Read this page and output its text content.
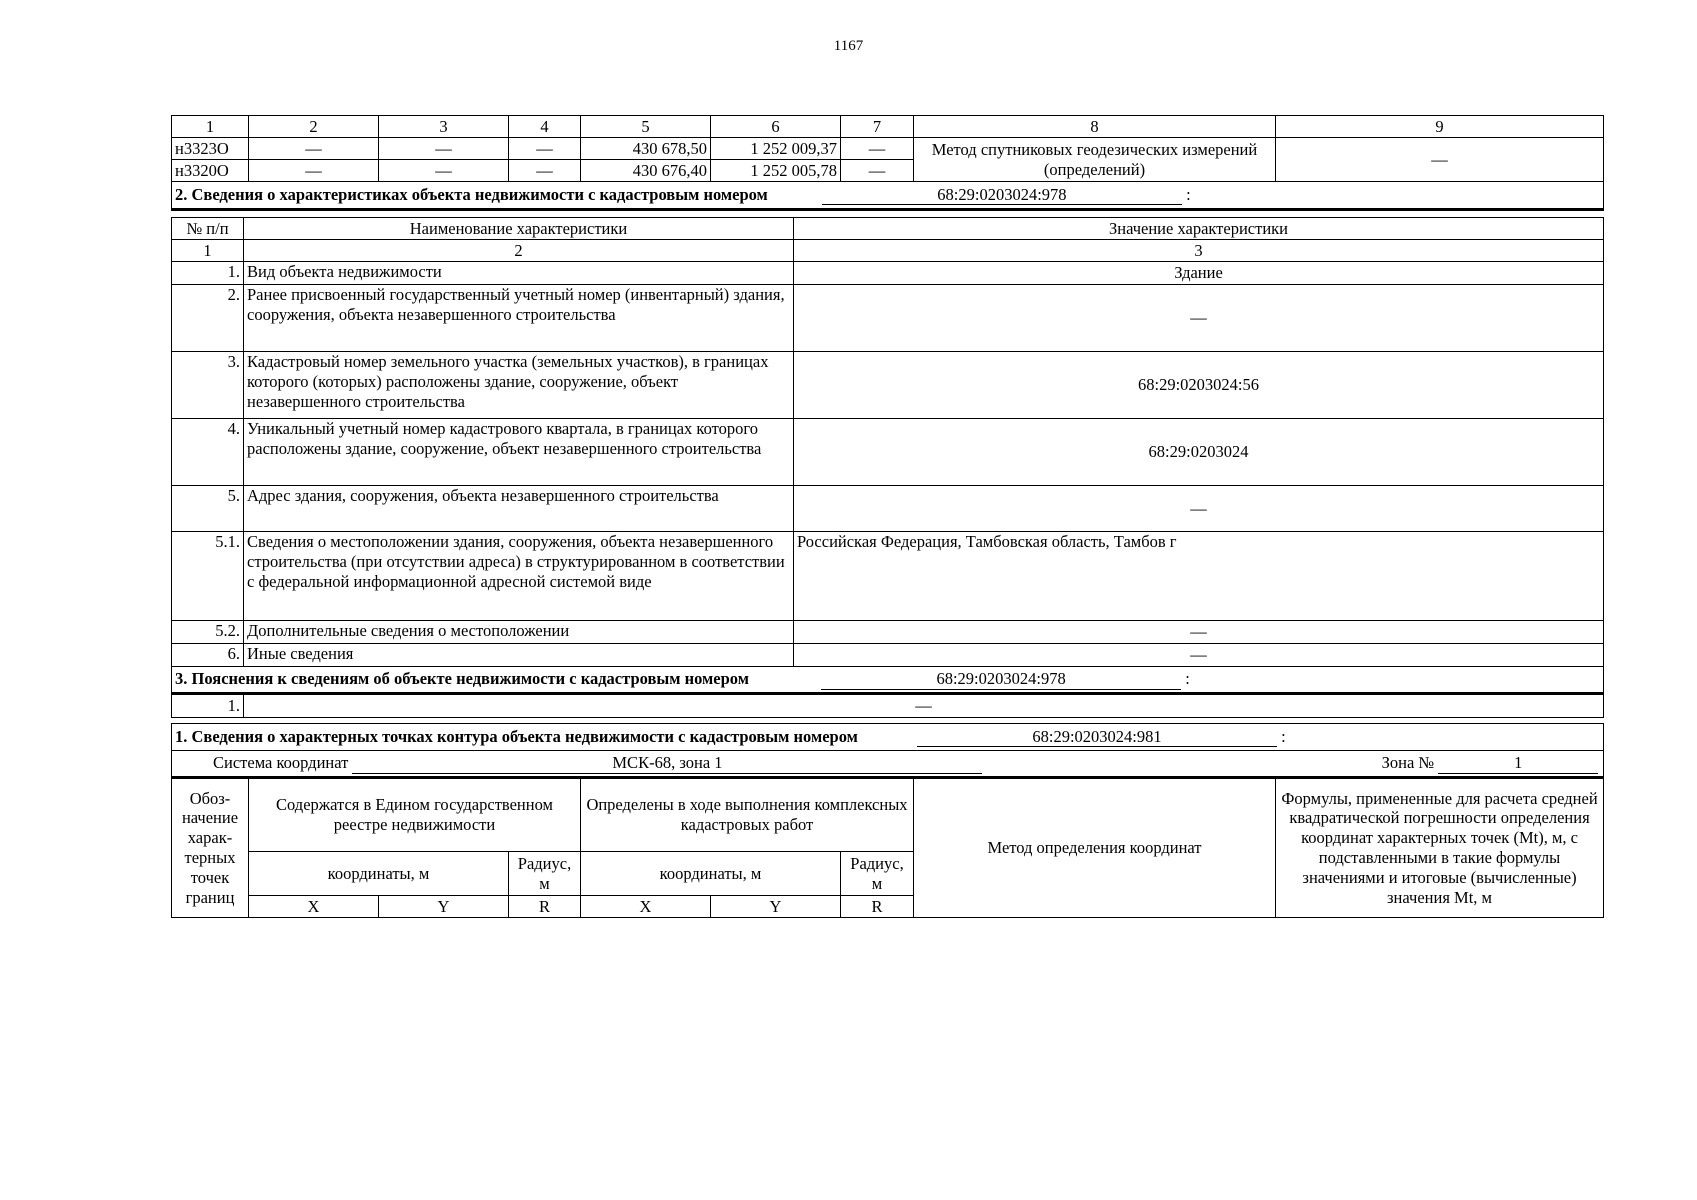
1167
1	2	3	4	5	6	7	8	9
н3323О	—	—	—	430 678,50	1 252 009,37	—	Метод спутниковых геодезических измерений (определений)	—
н3320О	—	—	—	430 676,40	1 252 005,78	—		
2. Сведения о характеристиках объекта недвижимости с кадастровым номером 68:29:0203024:978 :								
№ п/п	Наименование характеристики	Значение характеристики
1	2	3
1.	Вид объекта недвижимости	Здание
2.	Ранее присвоенный государственный учетный номер (инвентарный) здания, сооружения, объекта незавершенного строительства	—
3.	Кадастровый номер земельного участка (земельных участков), в границах которого (которых) расположены здание, сооружение, объект незавершенного строительства	68:29:0203024:56
4.	Уникальный учетный номер кадастрового квартала, в границах которого расположены здание, сооружение, объект незавершенного строительства	68:29:0203024
5.	Адрес здания, сооружения, объекта незавершенного строительства	—
5.1.	Сведения о местоположении здания, сооружения, объекта незавершенного строительства (при отсутствии адреса) в структурированном в соответствии с федеральной информационной адресной системой виде	Российская Федерация, Тамбовская область, Тамбов г
5.2.	Дополнительные сведения о местоположении	—
6.	Иные сведения	—
3. Пояснения к сведениям об объекте недвижимости с кадастровым номером 68:29:0203024:978 :		
1.	—	
1. Сведения о характерных точках контура объекта недвижимости с кадастровым номером 68:29:0203024:981 :								
Система координат МСК-68, зона 1 Зона № 1								
Обоз-начение харак-терных точек границ	Содержатся в Едином государственном реестре недвижимости			Определены в ходе выполнения комплексных кадастровых работ			Метод определения координат	Формулы, примененные для расчета средней квадратической погрешности определения координат характерных точек (Mt), м, с подставленными в такие формулы значениями и итоговые (вычисленные) значения Mt, м
	координаты, м		Радиус, м	координаты, м		Радиус, м		
	X	Y	R	X	Y	R		
